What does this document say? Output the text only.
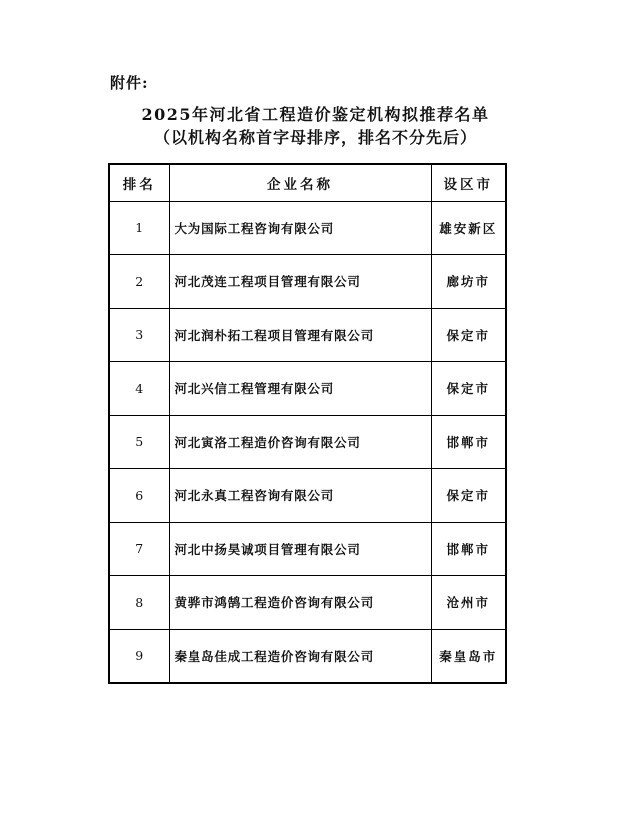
附件:
2025年河北省工程造价鉴定机构拟推荐名单
（以机构名称首字母排序，排名不分先后）
排名	企业名称	设区市
1	大为国际工程咨询有限公司	雄安新区
2	河北茂连工程项目管理有限公司	廊坊市
3	河北润朴拓工程项目管理有限公司	保定市
4	河北兴信工程管理有限公司	保定市
5	河北寅洛工程造价咨询有限公司	邯郸市
6	河北永真工程咨询有限公司	保定市
7	河北中扬昊诚项目管理有限公司	邯郸市
8	黄骅市鸿鹄工程造价咨询有限公司	沧州市
9	秦皇岛佳成工程造价咨询有限公司	秦皇岛市
